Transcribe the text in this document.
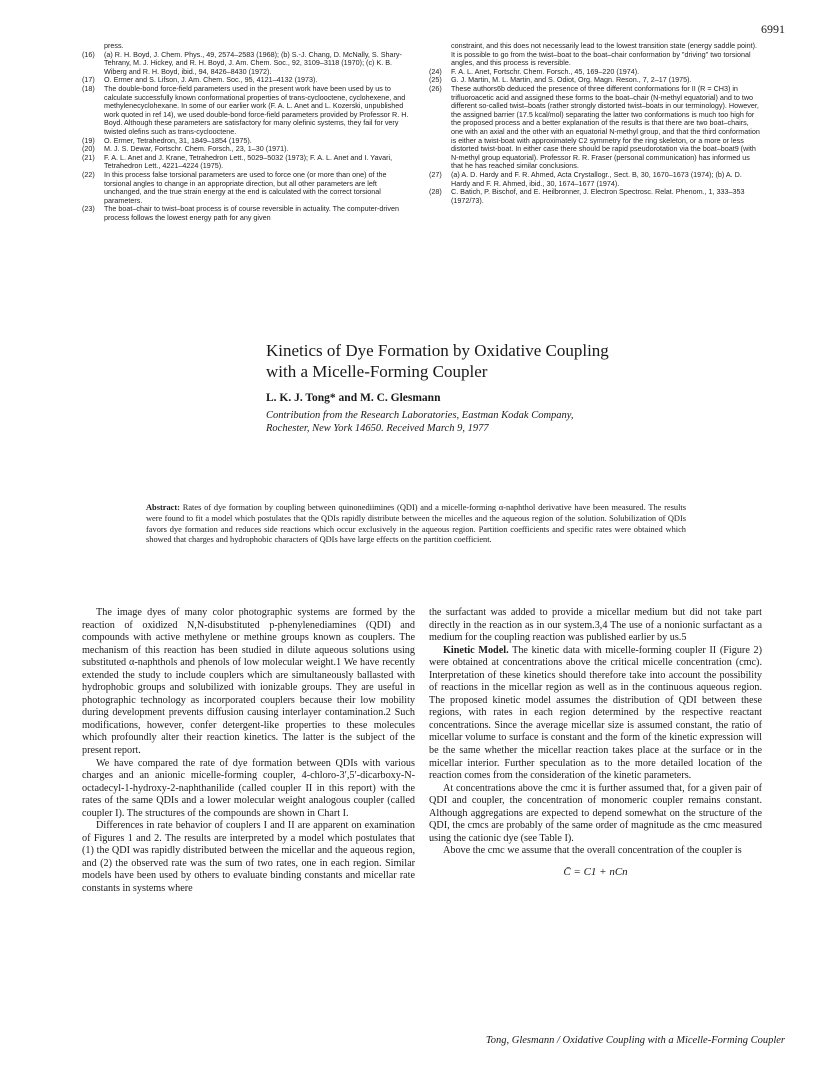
6991
press.
(16)	(a) R. H. Boyd, J. Chem. Phys., 49, 2574–2583 (1968); (b) S.-J. Chang, D. McNally, S. Shary-Tehrany, M. J. Hickey, and R. H. Boyd, J. Am. Chem. Soc., 92, 3109–3118 (1970); (c) K. B. Wiberg and R. H. Boyd, ibid., 94, 8426–8430 (1972).
(17)	O. Ermer and S. Lifson, J. Am. Chem. Soc., 95, 4121–4132 (1973).
(18)	The double-bond force-field parameters used in the present work have been used by us to calculate successfully known conformational properties of trans-cyclooctene, cyclohexene, and methylenecyclohexane. In some of our earlier work (F. A. L. Anet and L. Kozerski, unpublished work quoted in ref 14), we used double-bond force-field parameters provided by Professor R. H. Boyd. Although these parameters are satisfactory for many olefinic systems, they fail for very twisted olefins such as trans-cyclooctene.
(19)	O. Ermer, Tetrahedron, 31, 1849–1854 (1975).
(20)	M. J. S. Dewar, Fortschr. Chem. Forsch., 23, 1–30 (1971).
(21)	F. A. L. Anet and J. Krane, Tetrahedron Lett., 5029–5032 (1973); F. A. L. Anet and I. Yavari, Tetrahedron Lett., 4221–4224 (1975).
(22)	In this process false torsional parameters are used to force one (or more than one) of the torsional angles to change in an appropriate direction, but all other parameters are left unchanged, and the true strain energy at the end is calculated with the correct torsional parameters.
(23)	The boat–chair to twist–boat process is of course reversible in actuality. The computer-driven process follows the lowest energy path for any given
constraint, and this does not necessarily lead to the lowest transition state (energy saddle point). It is possible to go from the twist–boat to the boat–chair conformation by "driving" two torsional angles, and this process is reversible.
(24)	F. A. L. Anet, Fortschr. Chem. Forsch., 45, 169–220 (1974).
(25)	G. J. Martin, M. L. Martin, and S. Odiot, Org. Magn. Reson., 7, 2–17 (1975).
(26)	These authors6b deduced the presence of three different conformations for II (R = CH3) in trifluoroacetic acid and assigned these forms to the boat–chair (N-methyl equatorial) and to two different so-called twist–boats (rather strongly distorted twist–boats in our terminology). However, the assigned barrier (17.5 kcal/mol) separating the latter two conformations is much too high for the proposed process and a better explanation of the results is that there are two boat–chairs, one with an axial and the other with an equatorial N-methyl group, and that the third conformation is either a twist-boat with approximately C2 symmetry for the ring skeleton, or a more or less distorted twist-boat. In either case there should be rapid pseudorotation via the boat–boat9 (with N-methyl group equatorial). Professor R. R. Fraser (personal communication) has informed us that he has reached similar conclusions.
(27)	(a) A. D. Hardy and F. R. Ahmed, Acta Crystallogr., Sect. B, 30, 1670–1673 (1974); (b) A. D. Hardy and F. R. Ahmed, ibid., 30, 1674–1677 (1974).
(28)	C. Batich, P. Bischof, and E. Heilbronner, J. Electron Spectrosc. Relat. Phenom., 1, 333–353 (1972/73).
Kinetics of Dye Formation by Oxidative Coupling
with a Micelle-Forming Coupler

L. K. J. Tong* and M. C. Glesmann

Contribution from the Research Laboratories, Eastman Kodak Company,
Rochester, New York 14650. Received March 9, 1977

Abstract: Rates of dye formation by coupling between quinonediimines (QDI) and a micelle-forming α-naphthol derivative have been measured. The results were found to fit a model which postulates that the QDIs rapidly distribute between the micelles and the aqueous region of the solution. Solubilization of QDIs favors dye formation and reduces side reactions which occur exclusively in the aqueous region. Partition coefficients and specific rates were obtained which showed that charges and hydrophobic characters of QDIs have large effects on the partition coefficient.

The image dyes of many color photographic systems are formed by the reaction of oxidized N,N-disubstituted p-phenylenediamines (QDI) and compounds with active methylene or methine groups known as couplers. The mechanism of this reaction has been studied in dilute aqueous solutions using substituted α-naphthols and phenols of low molecular weight.1 We have recently extended the study to include couplers which are simultaneously ballasted with hydrophobic groups and solubilized with ionizable groups. They are useful in photographic technology as incorporated couplers because their low mobility during development prevents diffusion causing interlayer contamination.2 Such modifications, however, confer detergent-like properties to these molecules which profoundly alter their reaction kinetics. The latter is the subject of the present report.

We have compared the rate of dye formation between QDIs with various charges and an anionic micelle-forming coupler, 4-chloro-3′,5′-dicarboxy-N-octadecyl-1-hydroxy-2-naphthanilide (called coupler II in this report) with the rates of the same QDIs and a lower molecular weight analogous coupler (called coupler I). The structures of the compounds are shown in Chart I.

Differences in rate behavior of couplers I and II are apparent on examination of Figures 1 and 2. The results are interpreted by a model which postulates that (1) the QDI was rapidly distributed between the micellar and the aqueous region, and (2) the observed rate was the sum of two rates, one in each region. Similar models have been used by others to evaluate binding constants and micellar rate constants in systems where

the surfactant was added to provide a micellar medium but did not take part directly in the reaction as in our system.3,4 The use of a nonionic surfactant as a medium for the coupling reaction was published earlier by us.5

Kinetic Model. The kinetic data with micelle-forming coupler II (Figure 2) were obtained at concentrations above the critical micelle concentration (cmc). Interpretation of these kinetics should therefore take into account the possibility of reactions in the micellar region as well as in the continuous aqueous region. The proposed kinetic model assumes the distribution of QDI between these regions, with rates in each region determined by the respective reactant concentrations. Since the average micellar size is assumed constant, the ratio of micellar volume to surface is constant and the form of the kinetic expression will be the same whether the micellar reaction takes place at the surface or in the micellar interior. Further speculation as to the more detailed location of the reaction comes from the consideration of the kinetic parameters.

At concentrations above the cmc it is further assumed that, for a given pair of QDI and coupler, the concentration of monomeric coupler remains constant. Although aggregations are expected to depend somewhat on the structure of the QDI, the cmcs are probably of the same order of magnitude as the cmc measured using the cationic dye (see Table I).

Above the cmc we assume that the overall concentration of the coupler is

C̄ = C1 + nCn

Tong, Glesmann / Oxidative Coupling with a Micelle-Forming Coupler
